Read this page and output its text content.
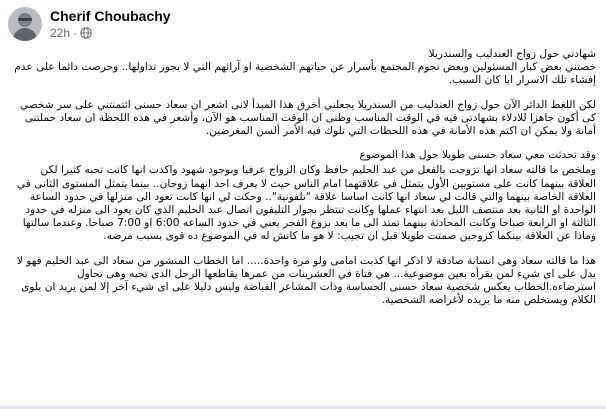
Cherif Choubachy
22h ·

شهادتي حول زواج العندليب والسندريلا
خصتني بعض كبار المسئولين وبعض نجوم المجتمع بأسرار عن حياتهم الشخصية او آرائهم التي لا يجوز تداولها.. وحرصت دائما على عدم إفشاء تلك الاسرار ايا كان السبب.

لكن اللغط الدائر الآن حول زواج العندليب من السندريلا يجعلني أخرق هذا المبدأ لانى اشعر ان سعاد حسنى ائتمنتني على سر شخصي كى أكون جاهزا للادلاء بشهادتى فيه في الوقت المناسب وظنى ان الوقت المناسب هو الآن، وأشعر في هذه اللحظة ان سعاد حملتنى أمانة ولا يمكن ان اكتم هذه الأمانة في هذه اللحظات التي تلوك فيه الأمر ألسن المغرضين.

وقد تحدثت معي سعاد حسنى طويلا حول هذا الموضوع

وملخص ما قالته سعاد انها تزوجت بالفعل من عبد الحليم حافظ وكان الزواج عرفيا وبوجود شهود واكدت انها كانت تحبه كثيرا لكن العلاقة بينهما كانت على مستويين الأول يتمثل في علاقتهما امام الناس حيث لا يعرف احد انهما زوجان.. بينما يتمثل المستوى الثانى في العلاقة الخاصة بينهما والتي قالت لي سعاد انها كانت اساسا علاقة "تلفونية".. وحكت لي انها كانت تعود الى منزلها في حدود الساعة الواحدة او الثانية بعد منتصف الليل بعد انتهاء عملها وكانت تنتظر بجوار التليفون اتصال عبد الحليم الذي كان يعود الى منزله في حدود الثالثة او الرابعة صباحا وكانت المحادثة بينهما تمتد الى ما بعد بزوغ الفجر يعني في حدود الساعه 6:00 او 7:00 صباحا. وعندما سالتها وماذا عن العلاقة بينكما كزوجين صمتت طويلا قبل ان تجيب: لا هو ما كانش له في الموضوع ده قوى بسبب مرضه.

هذا ما قالته سعاد وهى انسانة صادقة لا اذكر انها كذبت امامى ولو مرة واحدة..... اما الخطاب المنشور من سعاد الى عبد الحليم فهو لا يدل على اى شيء لمن يقرأه بعين موضوعية... هي فتاة في العشرينات من عمرها يقاطعها الرجل الذى تحبه وهى تحاول استرضاءه.الخطاب يعكس شخصية سعاد حسنى الحساسة وذات المشاعر الفياضة وليس دليلا على اى شيء آخر إلا لمن يريد ان يلوى الكلام ويستخلص منه ما يريده لأغراضه الشخصية.
